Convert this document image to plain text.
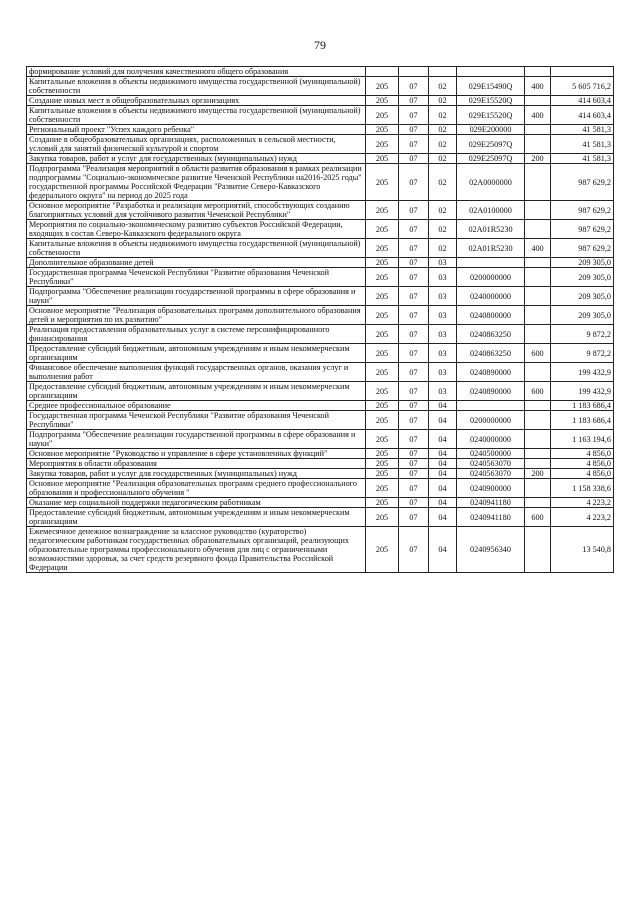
79
формирование условий для получения качественного общего образования						
Капитальные вложения в объекты недвижимого имущества государственной (муниципальной) собственности	205	07	02	029E15490Q	400	5 605 716,2
Создание новых мест в общеобразовательных организациях	205	07	02	029E15520Q		414 603,4
Капитальные вложения в объекты недвижимого имущества государственной (муниципальной) собственности	205	07	02	029E15520Q	400	414 603,4
Региональный проект "Успех каждого ребенка"	205	07	02	029E200000		41 581,3
Создание в общеобразовательных организациях, расположенных в сельской местности, условий для занятий физической культурой и спортом	205	07	02	029E25097Q		41 581,3
Закупка товаров, работ и услуг для государственных (муниципальных) нужд	205	07	02	029E25097Q	200	41 581,3
Подпрограмма "Реализация мероприятий в области развития образования в рамках реализации подпрограммы "Социально-экономическое развитие Чеченской Республики на2016-2025 годы" государственной программы Российской Федерации "Развитие Северо-Кавказского федерального округа" на период до 2025 года	205	07	02	02A0000000		987 629,2
Основное мероприятие "Разработка и реализация мероприятий, способствующих созданию благоприятных условий для устойчивого развития Чеченской Республики"	205	07	02	02A0100000		987 629,2
Мероприятия по социально-экономическому развитию субъектов Российской Федерации, входящих в состав Северо-Кавказского федерального округа	205	07	02	02A01R5230		987 629,2
Капитальные вложения в объекты недвижимого имущества государственной (муниципальной) собственности	205	07	02	02A01R5230	400	987 629,2
Дополнительное образование детей	205	07	03			209 305,0
Государственная программа Чеченской Республики "Развитие образования Чеченской Республики"	205	07	03	0200000000		209 305,0
Подпрограмма "Обеспечение реализации государственной программы в сфере образования и науки"	205	07	03	0240000000		209 305,0
Основное мероприятие "Реализация образовательных программ дополнительного образования детей и мероприятия по их развитию"	205	07	03	0240800000		209 305,0
Реализация предоставления образовательных услуг в системе персонифицированного финансирования	205	07	03	0240863250		9 872,2
Предоставление субсидий бюджетным, автономным учреждениям и иным некоммерческим организациям	205	07	03	0240863250	600	9 872,2
Финансовое обеспечение выполнения функций государственных органов, оказания услуг и выполнения работ	205	07	03	0240890000		199 432,9
Предоставление субсидий бюджетным, автономным учреждениям и иным некоммерческим организациям	205	07	03	0240890000	600	199 432,9
Среднее профессиональное образование	205	07	04			1 183 686,4
Государственная программа Чеченской Республики "Развитие образования Чеченской Республики"	205	07	04	0200000000		1 183 686,4
Подпрограмма "Обеспечение реализации государственной программы в сфере образования и науки"	205	07	04	0240000000		1 163 194,6
Основное мероприятие "Руководство и управление в сфере установленных функций"	205	07	04	0240500000		4 856,0
Мероприятия в области образования	205	07	04	0240563070		4 856,0
Закупка товаров, работ и услуг для государственных (муниципальных) нужд	205	07	04	0240563070	200	4 856,0
Основное мероприятие "Реализация образовательных программ среднего профессионального образования и профессионального обучения "	205	07	04	0240900000		1 158 338,6
Оказание мер социальной поддержки педагогическим работникам	205	07	04	0240941180		4 223,2
Предоставление субсидий бюджетным, автономным учреждениям и иным некоммерческим организациям	205	07	04	0240941180	600	4 223,2
Ежемесячное денежное вознаграждение за классное руководство (кураторство) педагогическим работникам государственных образовательных организаций, реализующих образовательные программы профессионального обучения для лиц с ограниченными возможностями здоровья, за счет средств резервного фонда Правительства Российской Федерации	205	07	04	0240956340		13 540,8
